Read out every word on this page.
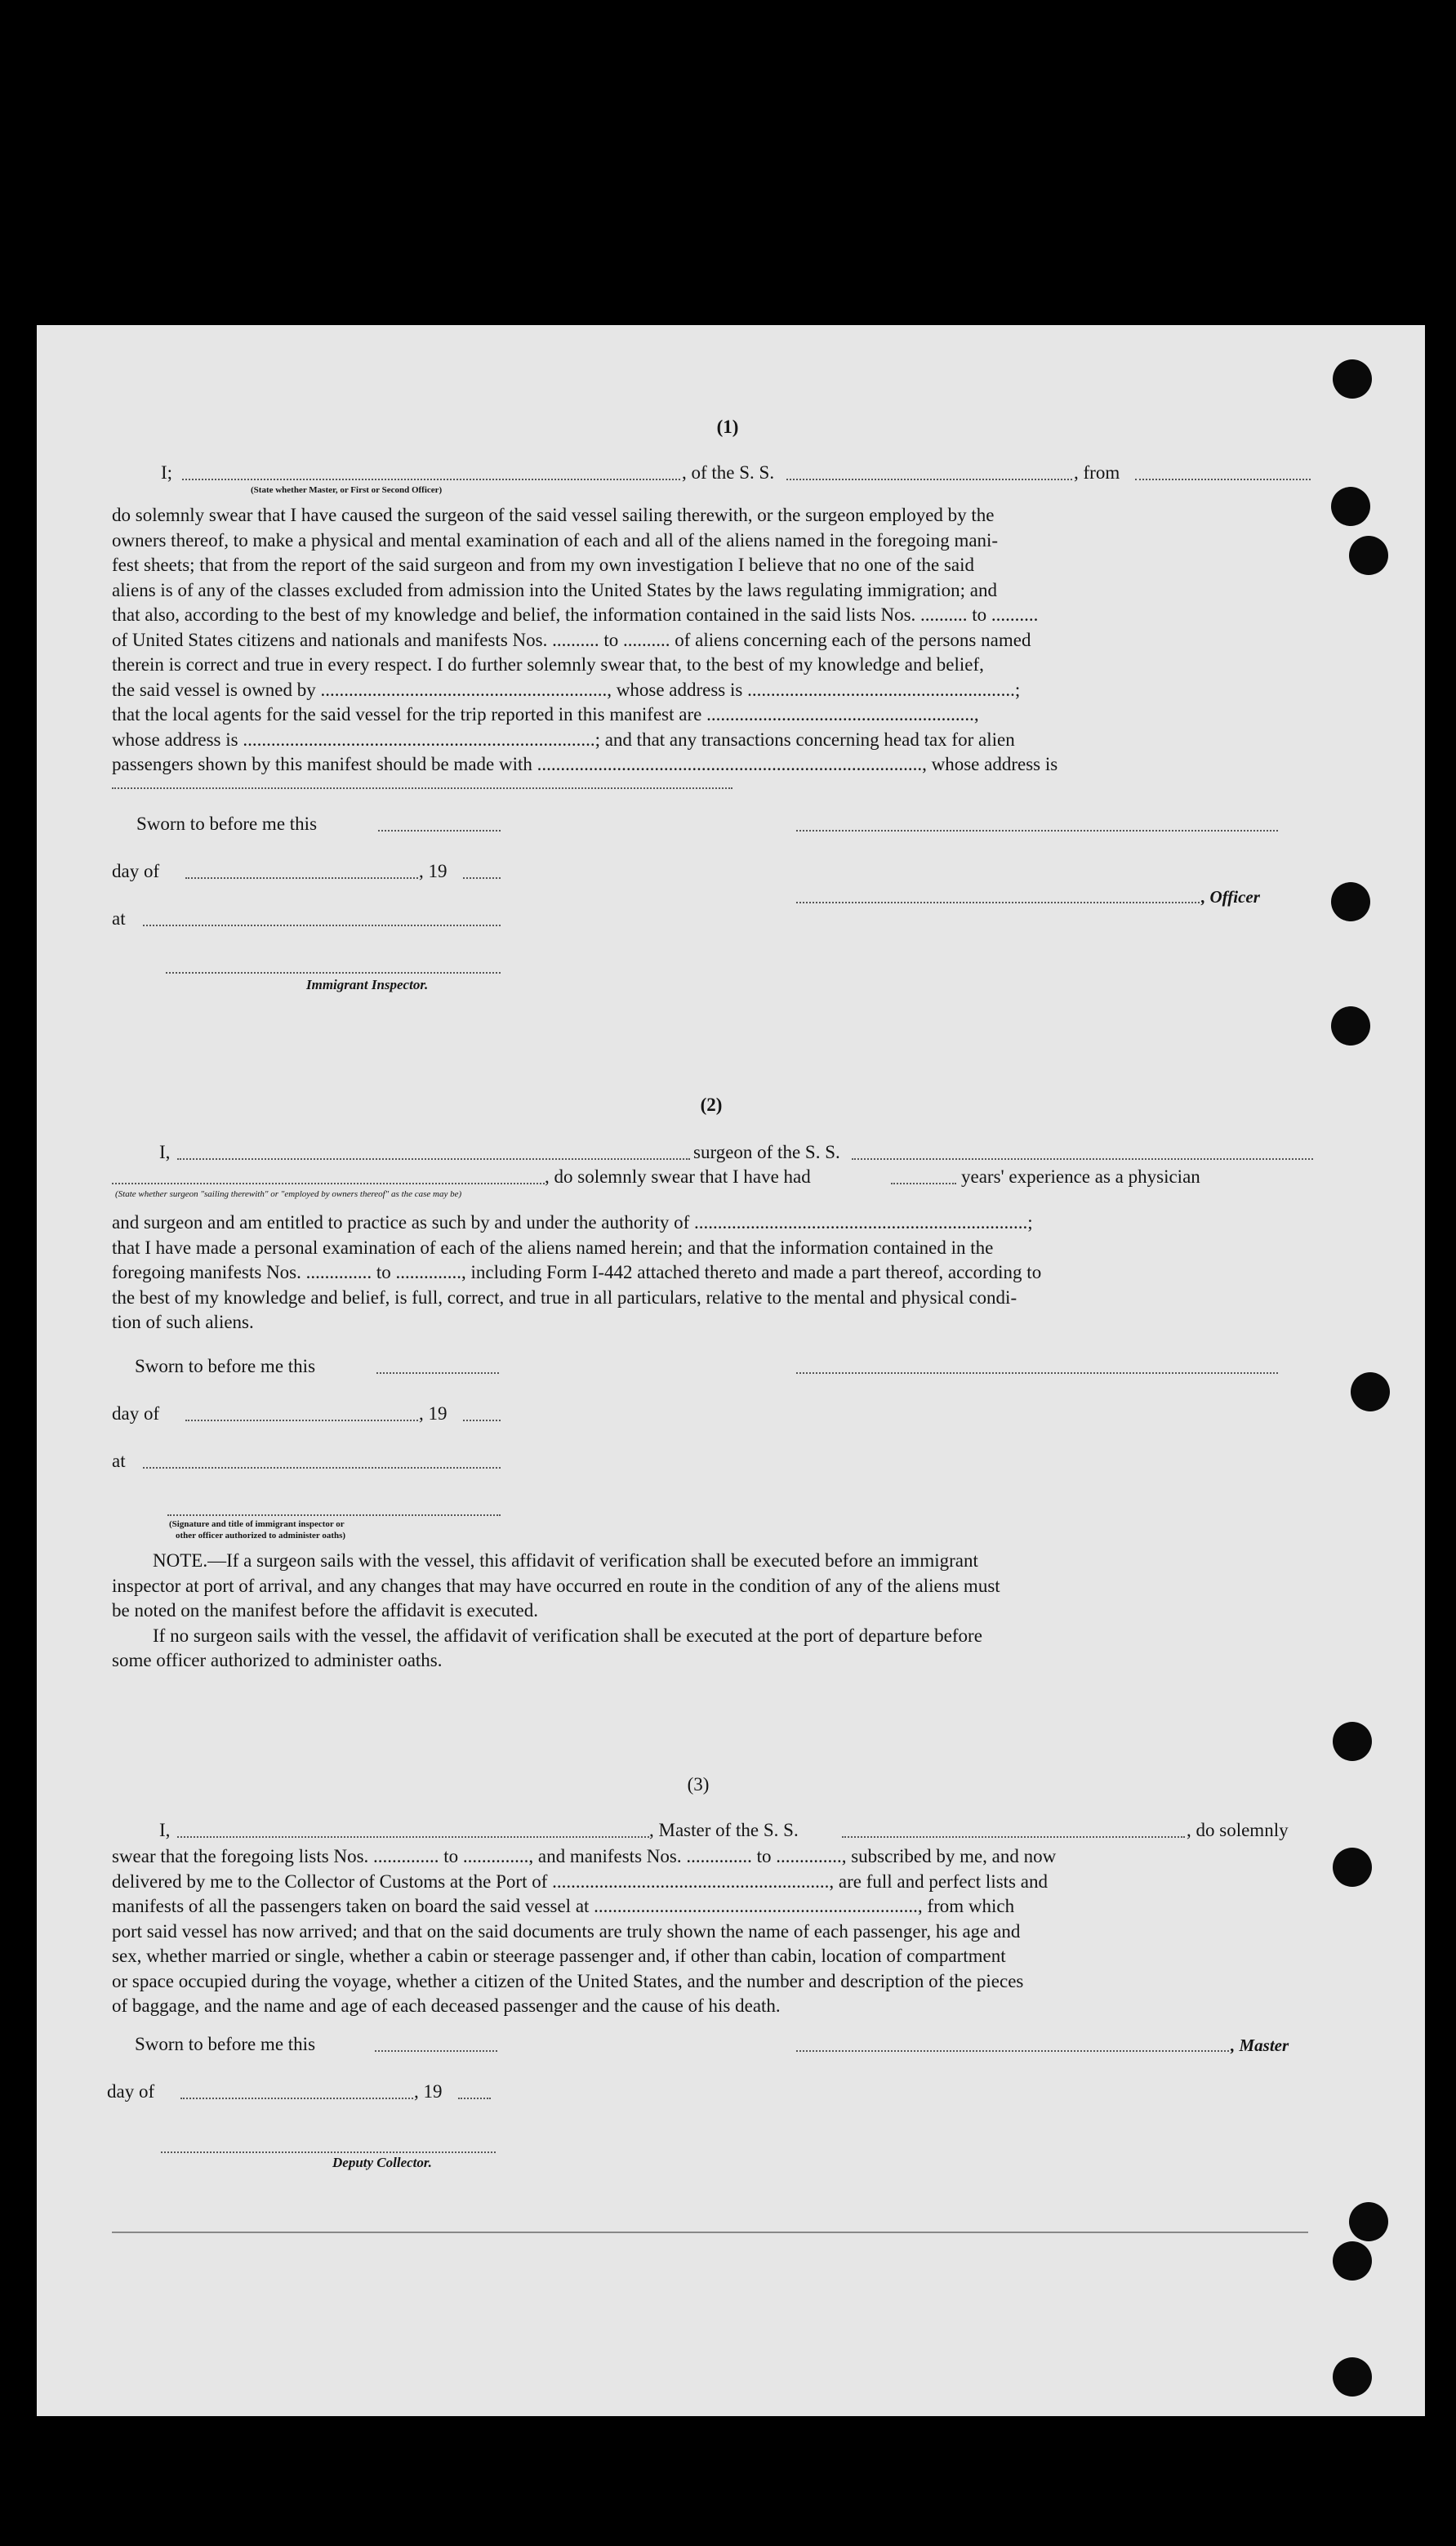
(1)
I;	, of the S. S.	, from
(State whether Master, or First or Second Officer)
do solemnly swear that I have caused the surgeon of the said vessel sailing therewith, or the surgeon employed by the
owners thereof, to make a physical and mental examination of each and all of the aliens named in the foregoing mani-
fest sheets; that from the report of the said surgeon and from my own investigation I believe that no one of the said
aliens is of any of the classes excluded from admission into the United States by the laws regulating immigration; and
that also, according to the best of my knowledge and belief, the information contained in the said lists Nos. .......... to ..........
of United States citizens and nationals and manifests Nos. .......... to .......... of aliens concerning each of the persons named
therein is correct and true in every respect. I do further solemnly swear that, to the best of my knowledge and belief,
the said vessel is owned by ............................................................., whose address is .........................................................;
that the local agents for the said vessel for the trip reported in this manifest are .........................................................,
whose address is ...........................................................................; and that any transactions concerning head tax for alien
passengers shown by this manifest should be made with .................................................................................., whose address is
Sworn to before me this
day of	, 19
, Officer
at
Immigrant Inspector.
(2)
I,	surgeon of the S. S.
, do solemnly swear that I have had	years' experience as a physician
(State whether surgeon "sailing therewith" or "employed by owners thereof" as the case may be)
and surgeon and am entitled to practice as such by and under the authority of .......................................................................;
that I have made a personal examination of each of the aliens named herein; and that the information contained in the
foregoing manifests Nos. .............. to .............., including Form I-442 attached thereto and made a part thereof, according to
the best of my knowledge and belief, is full, correct, and true in all particulars, relative to the mental and physical condi-
tion of such aliens.
Sworn to before me this
day of	, 19
at
(Signature and title of immigrant inspector or
other officer authorized to administer oaths)
NOTE.—If a surgeon sails with the vessel, this affidavit of verification shall be executed before an immigrant
inspector at port of arrival, and any changes that may have occurred en route in the condition of any of the aliens must
be noted on the manifest before the affidavit is executed.
If no surgeon sails with the vessel, the affidavit of verification shall be executed at the port of departure before
some officer authorized to administer oaths.
(3)
I,	, Master of the S. S.	, do solemnly
swear that the foregoing lists Nos. .............. to .............., and manifests Nos. .............. to .............., subscribed by me, and now
delivered by me to the Collector of Customs at the Port of ..........................................................., are full and perfect lists and
manifests of all the passengers taken on board the said vessel at ....................................................................., from which
port said vessel has now arrived; and that on the said documents are truly shown the name of each passenger, his age and
sex, whether married or single, whether a cabin or steerage passenger and, if other than cabin, location of compartment
or space occupied during the voyage, whether a citizen of the United States, and the number and description of the pieces
of baggage, and the name and age of each deceased passenger and the cause of his death.
Sworn to before me this	, Master
day of	, 19
Deputy Collector.
